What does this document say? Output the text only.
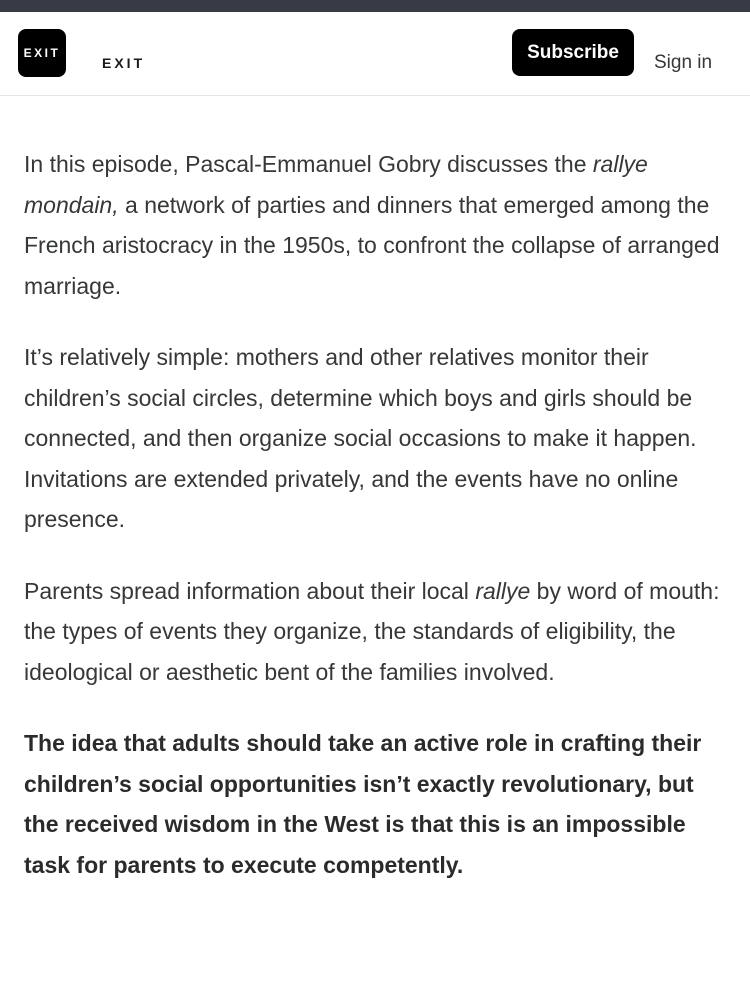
EXIT
EXIT
Subscribe	Sign in

In this episode, Pascal-Emmanuel Gobry discusses the rallye mondain, a network of parties and dinners that emerged among the French aristocracy in the 1950s, to confront the collapse of arranged marriage.

It’s relatively simple: mothers and other relatives monitor their children’s social circles, determine which boys and girls should be connected, and then organize social occasions to make it happen. Invitations are extended privately, and the events have no online presence.

Parents spread information about their local rallye by word of mouth: the types of events they organize, the standards of eligibility, the ideological or aesthetic bent of the families involved.

The idea that adults should take an active role in crafting their children’s social opportunities isn’t exactly revolutionary, but the received wisdom in the West is that this is an impossible task for parents to execute competently.
